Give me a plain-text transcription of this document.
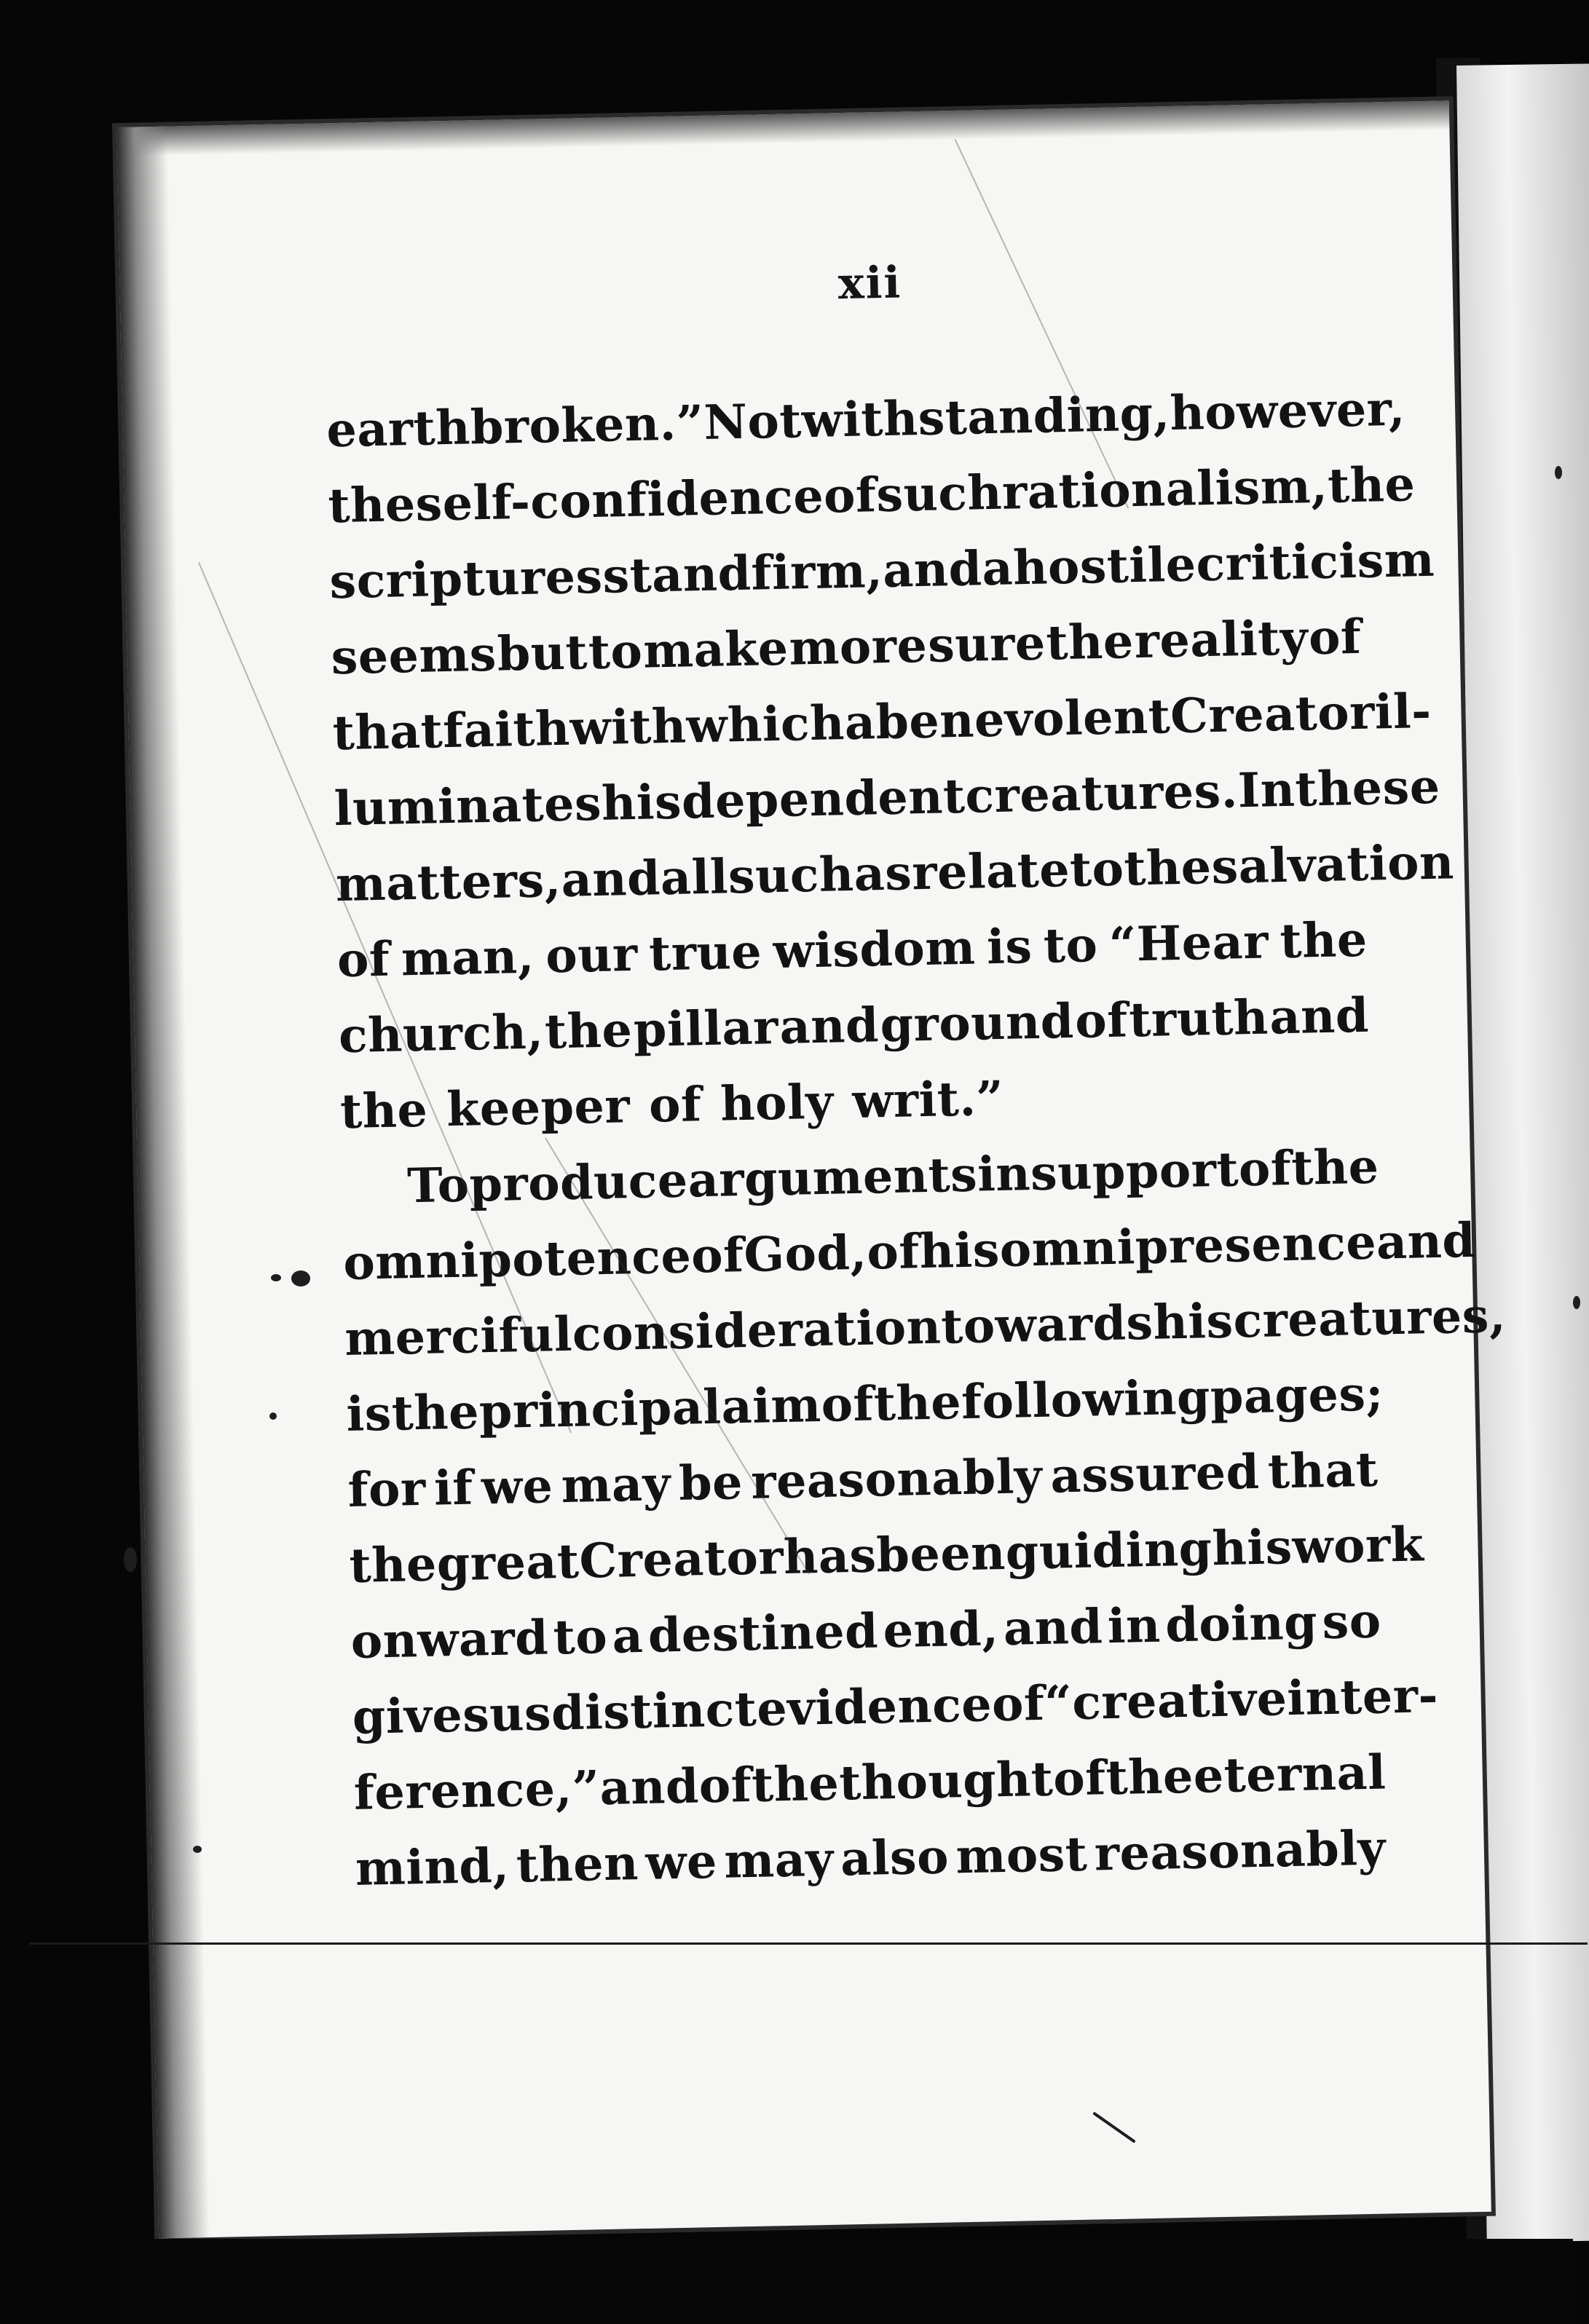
xii
earth
broken.”
Notwithstanding,
however,
the
self-confidence
of
such
rationalism,
the
scriptures
stand
firm,
and
a
hostile
criticism
seems but to make more sure the reality of
that
faith
with
which
a
benevolent
Creator
il-
luminates
his
dependent
creatures.
In
these
matters,
and
all
such
as
relate
to
the
salvation
of man, our true wisdom is to “Hear the
church, the pillar and ground of truth and
the keeper of holy writ.”
To
produce
arguments
in
support
of
the
omnipotence
of
God,
of
his
omnipresence
and
merciful
consideration
towards
his
creatures,
is
the
principal
aim
of
the
following
pages;
for if we may be reasonably assured that
the
great
Creator
has
been
guiding
his
work
onward to a destined end, and in doing so
gives
us
distinct
evidence
of
“creative
inter-
ference,”
and
of
the
thought
of
the
eternal
mind, then we may also most reasonably
